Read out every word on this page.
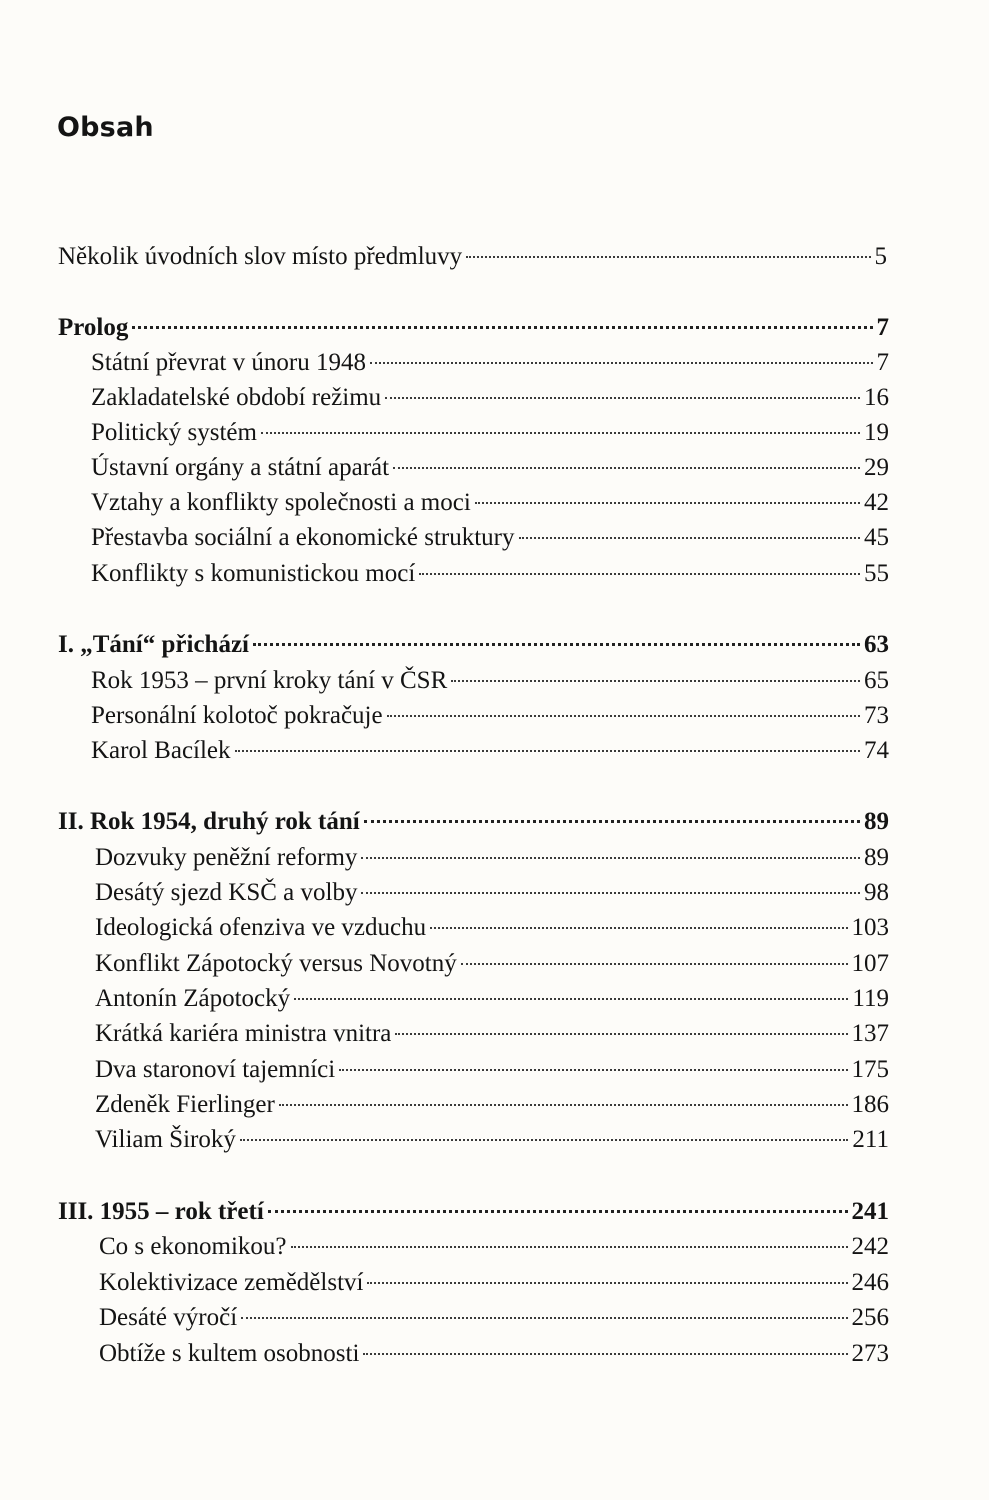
Obsah
Několik úvodních slov místo předmluvy	5
Prolog	7
Státní převrat v únoru 1948	7
Zakladatelské období režimu	16
Politický systém	19
Ústavní orgány a státní aparát	29
Vztahy a konflikty společnosti a moci	42
Přestavba sociální a ekonomické struktury	45
Konflikty s komunistickou mocí	55
I. „Tání“ přichází	63
Rok 1953 – první kroky tání v ČSR	65
Personální kolotoč pokračuje	73
Karol Bacílek	74
II. Rok 1954, druhý rok tání	89
Dozvuky peněžní reformy	89
Desátý sjezd KSČ a volby	98
Ideologická ofenziva ve vzduchu	103
Konflikt Zápotocký versus Novotný	107
Antonín Zápotocký	119
Krátká kariéra ministra vnitra	137
Dva staronoví tajemníci	175
Zdeněk Fierlinger	186
Viliam Široký	211
III. 1955 – rok třetí	241
Co s ekonomikou?	242
Kolektivizace zemědělství	246
Desáté výročí	256
Obtíže s kultem osobnosti	273
